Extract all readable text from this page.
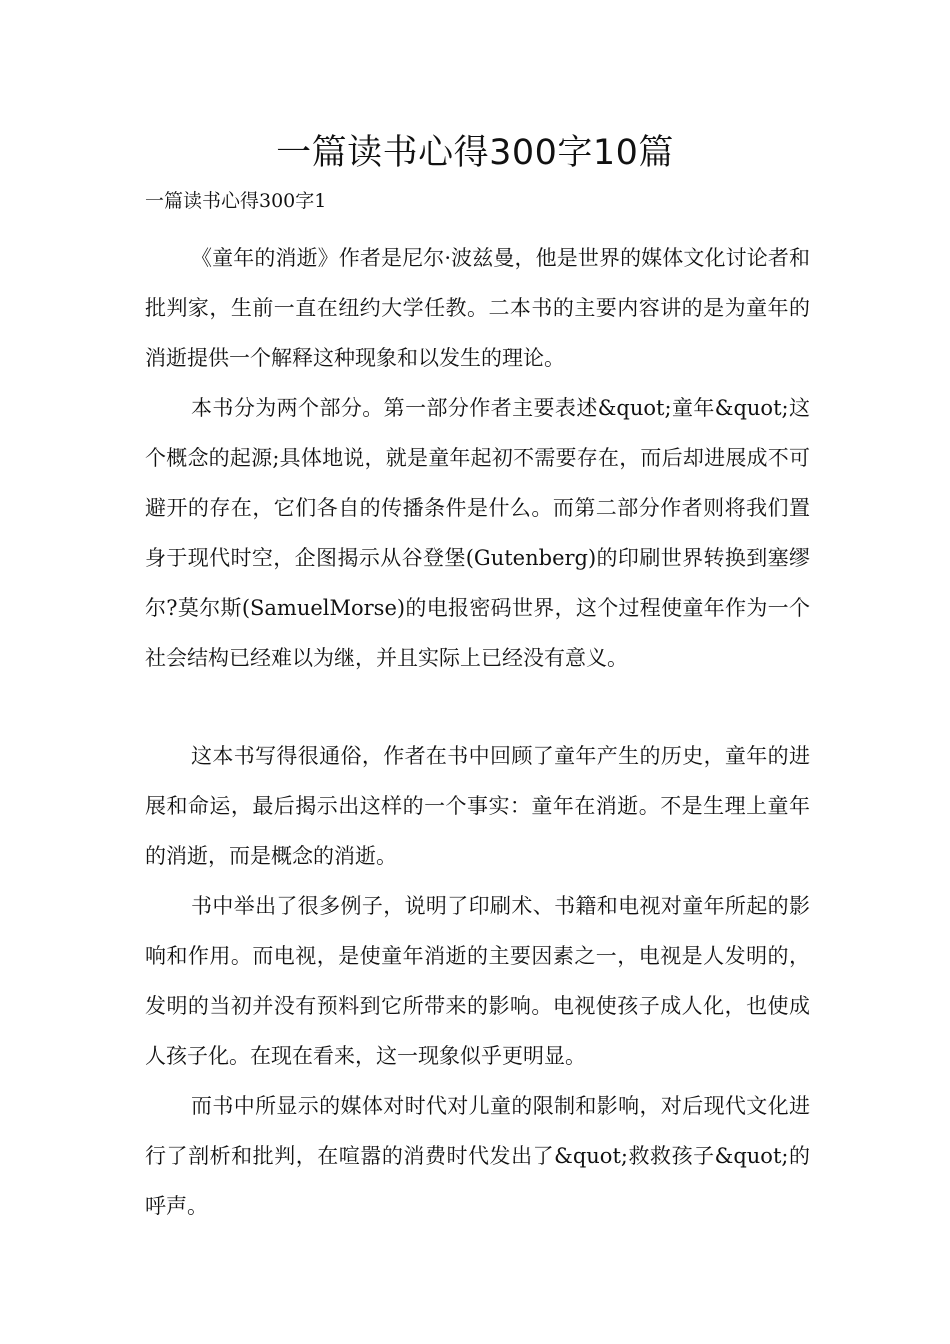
一篇读书心得300字10篇

一篇读书心得300字1

《童年的消逝》作者是尼尔·波兹曼，他是世界的媒体文化讨论者和批判家，生前一直在纽约大学任教。二本书的主要内容讲的是为童年的消逝提供一个解释这种现象和以发生的理论。

本书分为两个部分。第一部分作者主要表述&quot;童年&quot;这个概念的起源;具体地说，就是童年起初不需要存在，而后却进展成不可避开的存在，它们各自的传播条件是什么。而第二部分作者则将我们置身于现代时空，企图揭示从谷登堡(Gutenberg)的印刷世界转换到塞缪尔?莫尔斯(SamuelMorse)的电报密码世界，这个过程使童年作为一个社会结构已经难以为继，并且实际上已经没有意义。

这本书写得很通俗，作者在书中回顾了童年产生的历史，童年的进展和命运，最后揭示出这样的一个事实：童年在消逝。不是生理上童年的消逝，而是概念的消逝。

书中举出了很多例子，说明了印刷术、书籍和电视对童年所起的影响和作用。而电视，是使童年消逝的主要因素之一，电视是人发明的，发明的当初并没有预料到它所带来的影响。电视使孩子成人化，也使成人孩子化。在现在看来，这一现象似乎更明显。

而书中所显示的媒体对时代对儿童的限制和影响，对后现代文化进行了剖析和批判，在喧嚣的消费时代发出了&quot;救救孩子&quot;的呼声。
